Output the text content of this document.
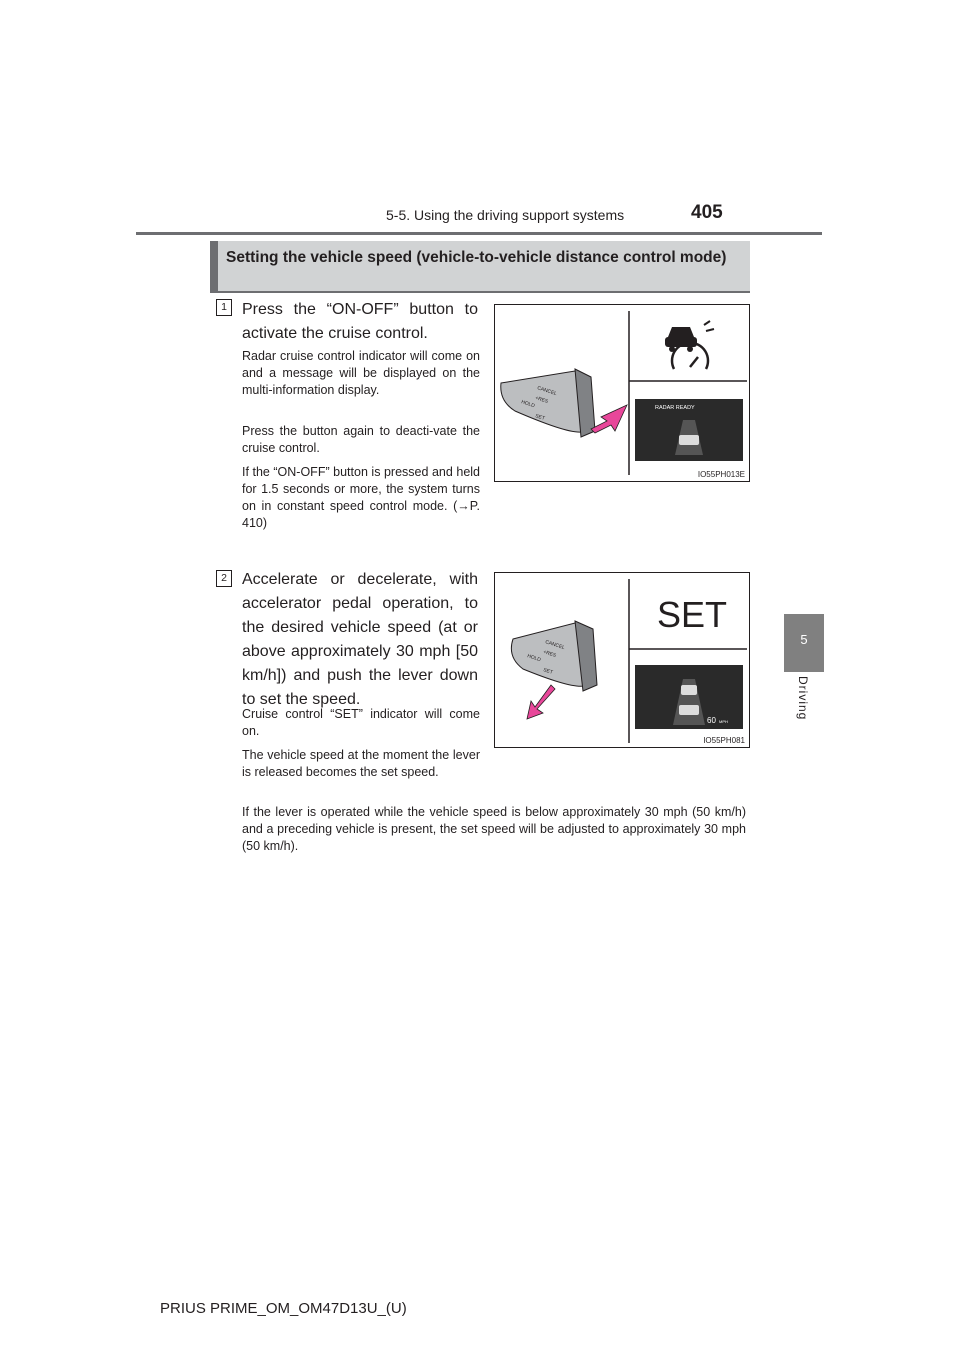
5-5. Using the driving support systems	405
5
Driving
Setting the vehicle speed (vehicle-to-vehicle distance control mode)
1 Press the “ON-OFF” button to activate the cruise control.
Radar cruise control indicator will come on and a message will be displayed on the multi-information display.
Press the button again to deacti-vate the cruise control.
If the “ON-OFF” button is pressed and held for 1.5 seconds or more, the system turns on in constant speed control mode. (→P. 410)
RADAR READY
CANCEL
+RES
HOLD
SET
IO55PH013E
2 Accelerate or decelerate, with accelerator pedal operation, to the desired vehicle speed (at or above approximately 30 mph [50 km/h]) and push the lever down to set the speed.
Cruise control “SET” indicator will come on.
The vehicle speed at the moment the lever is released becomes the set speed.
If the lever is operated while the vehicle speed is below approximately 30 mph (50 km/h) and a preceding vehicle is present, the set speed will be adjusted to approximately 30 mph (50 km/h).
SET
60 MPH
CANCEL
+RES
HOLD
SET
IO55PH081
PRIUS PRIME_OM_OM47D13U_(U)
